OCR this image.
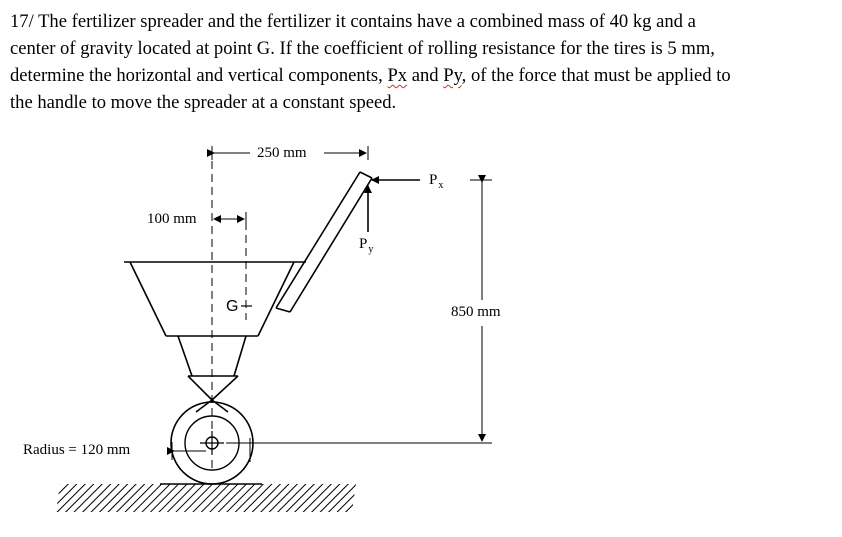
17/ The fertilizer spreader and the fertilizer it contains have a combined mass of 40 kg and a
center of gravity located at point G. If the coefficient of rolling resistance for the tires is 5 mm,
determine the horizontal and vertical components, Px and Py, of the force that must be applied to
the handle to move the spreader at a constant speed.
250 mm
100 mm
850 mm
Radius = 120 mm
G
$P_x$
$P_y$
